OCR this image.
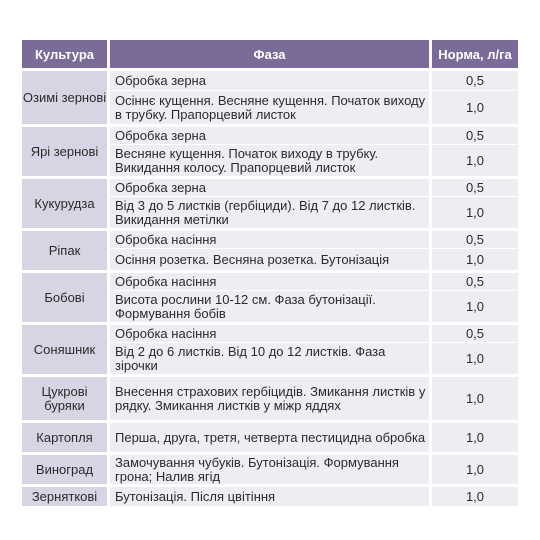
Культура	Фаза	Норма, л/га
Озимі зернові	Обробка зерна	0,5
	Осіннє кущення. Весняне кущення. Початок виходу в трубку. Прапорцевий листок	1,0
Ярі зернові	Обробка зерна	0,5
	Весняне кущення. Початок виходу в трубку. Викидання колосу. Прапорцевий листок	1,0
Кукурудза	Обробка зерна	0,5
	Від 3 до 5 листків (гербіциди). Від 7 до 12 листків. Викидання метілки	1,0
Ріпак	Обробка насіння	0,5
	Осіння розетка. Весняна розетка. Бутонізація	1,0
Бобові	Обробка насіння	0,5
	Висота рослини 10-12 см. Фаза бутонізації. Формування бобів	1,0
Соняшник	Обробка насіння	0,5
	Від 2 до 6 листків. Від 10 до 12 листків. Фаза зірочки	1,0
Цукрові буряки	Внесення страхових гербіцидів. Змикання листків у рядку. Змикання листків у міжр яддях	1,0
Картопля	Перша, друга, третя, четверта пестицидна обробка	1,0
Виноград	Замочування чубуків. Бутонізація. Формування грона; Налив ягід	1,0
Зерняткові	Бутонізація. Після цвітіння	1,0
